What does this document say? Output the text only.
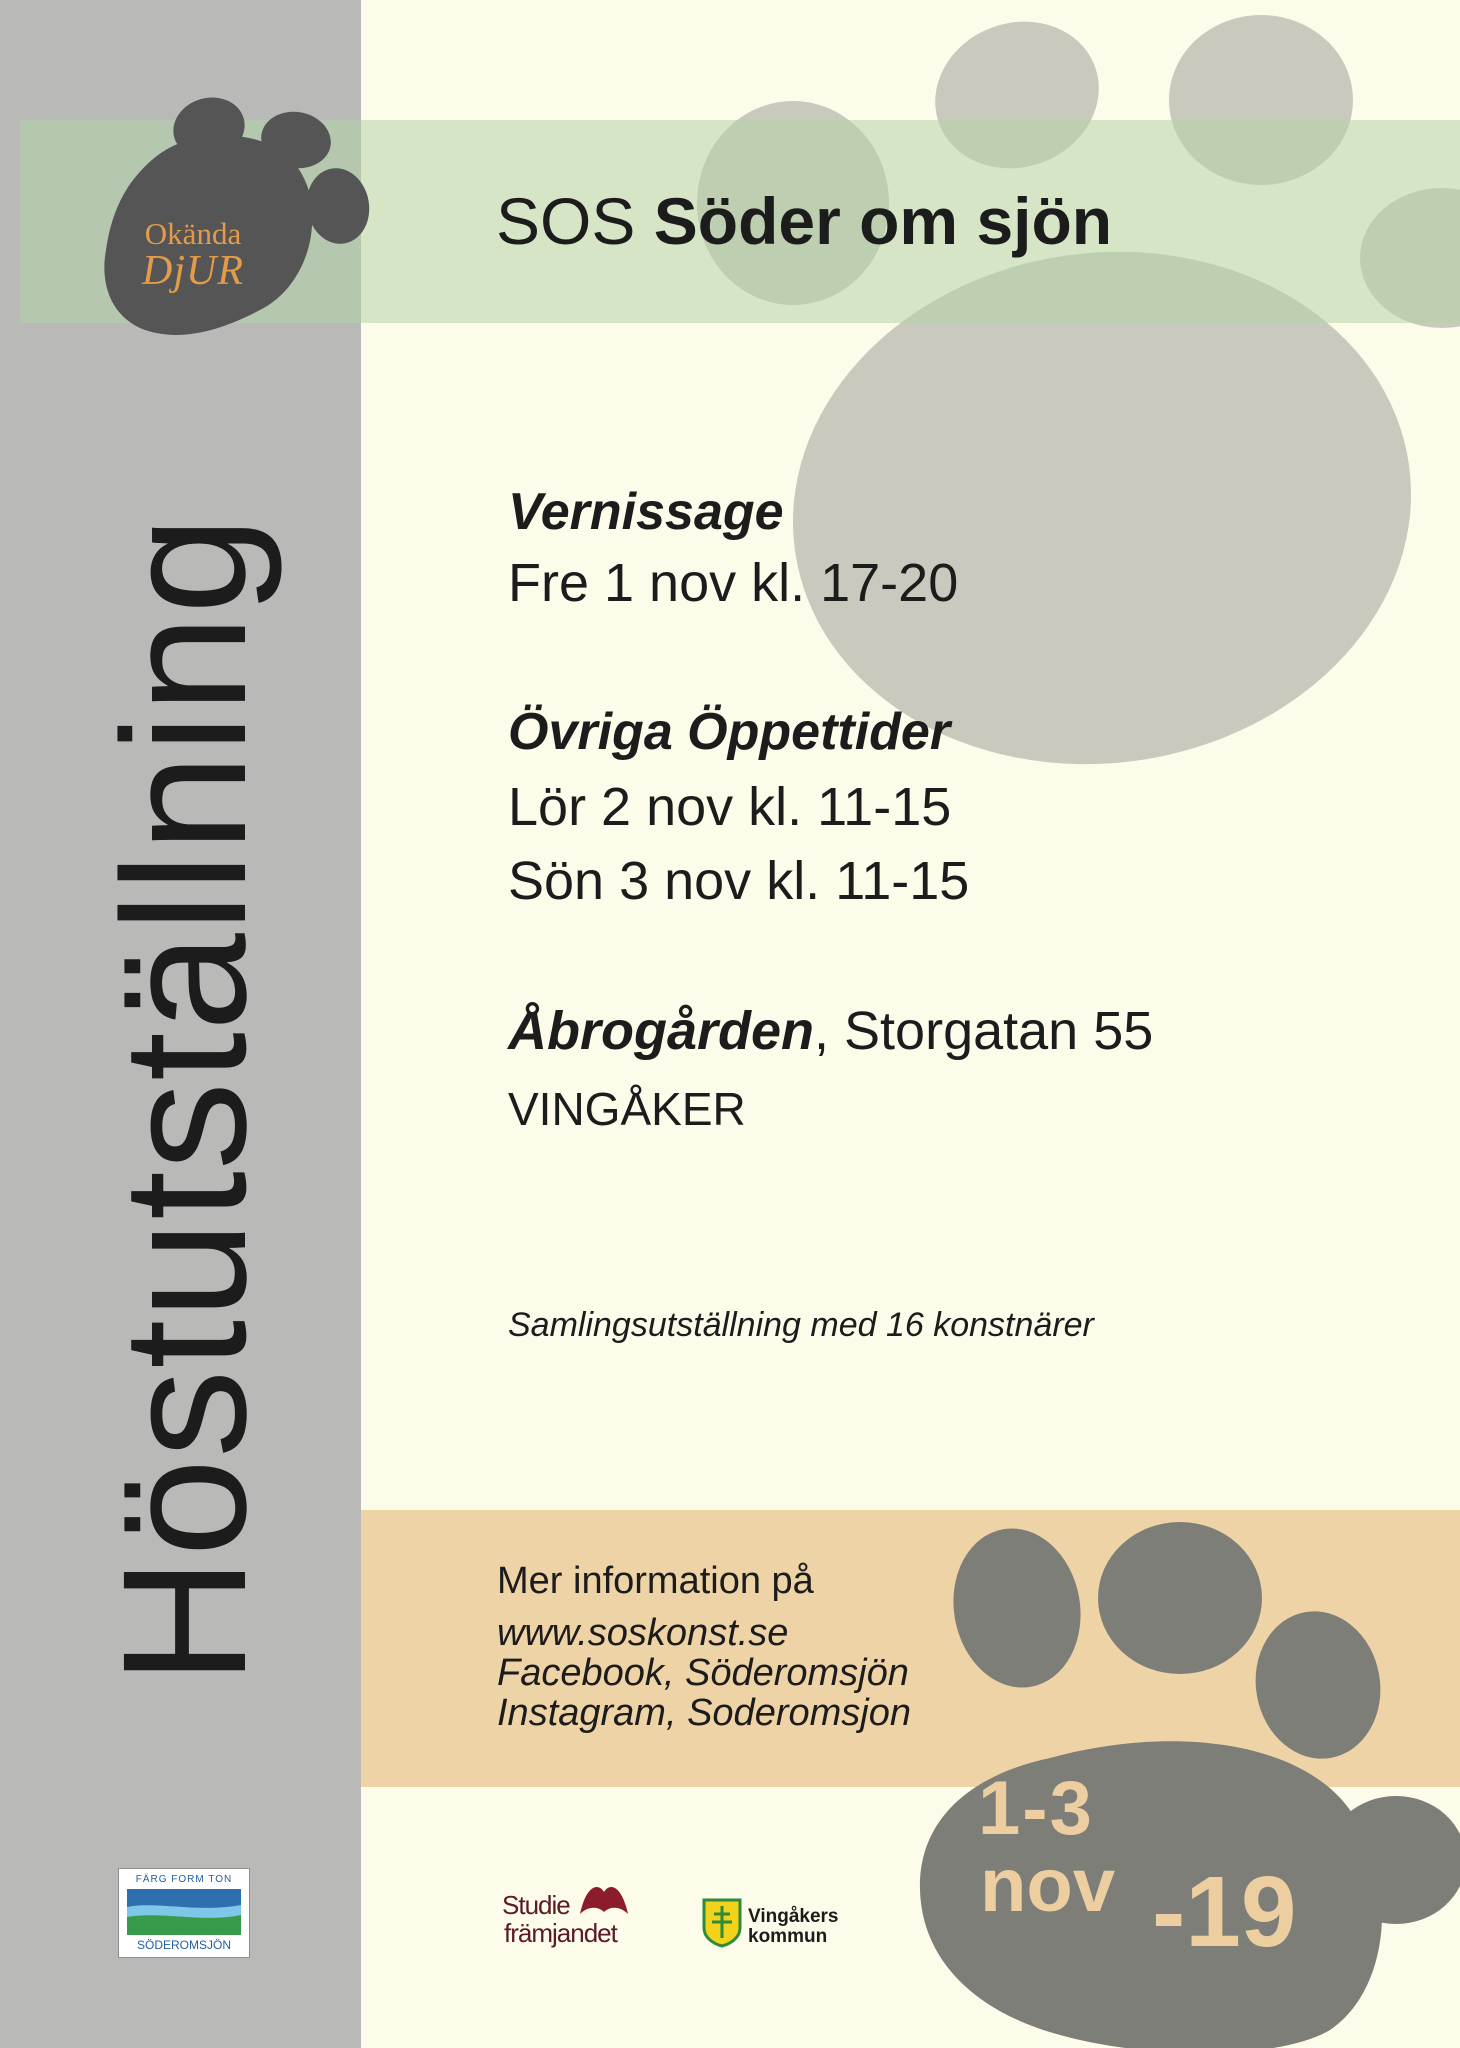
Okända
DjUR
Höstutställning
SOS Söder om sjön
Vernissage
Fre 1 nov kl. 17-20
Övriga Öppettider
Lör 2 nov kl. 11-15
Sön 3 nov kl. 11-15
Åbrogården, Storgatan 55
VINGÅKER
Samlingsutställning med 16 konstnärer
Mer information på
www.soskonst.se
Facebook, Söderomsjön
Instagram, Soderomsjon
1-3
nov -19
FÄRG FORM TON
SÖDEROMSJÖN
Studie
främjandet
Vingåkers
kommun
